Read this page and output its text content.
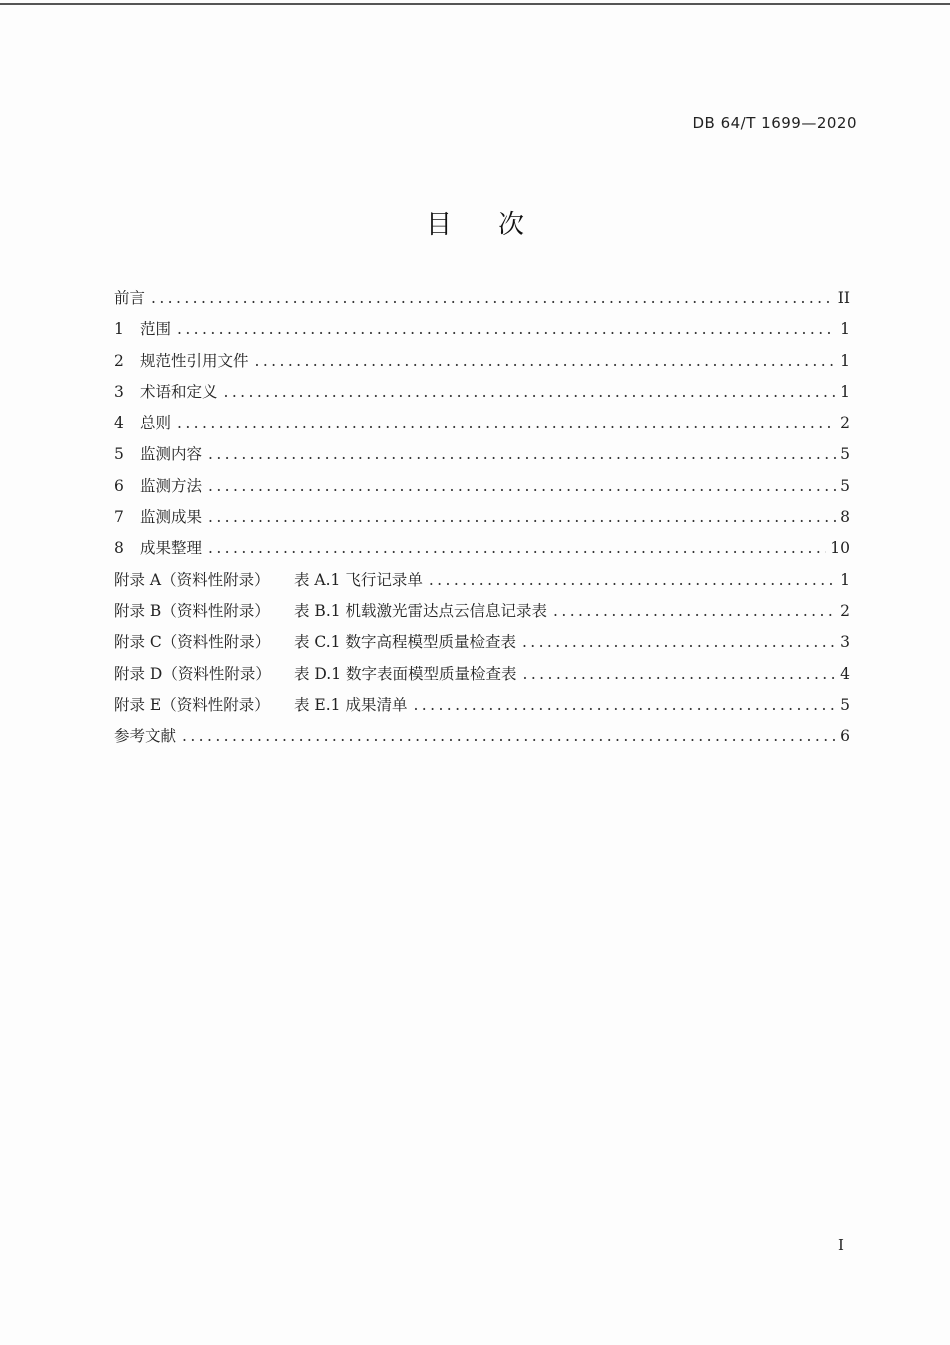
DB 64/T 1699—2020
目次
前言 .....	II
1 范围 .....	1
2 规范性引用文件 .....	1
3 术语和定义 .....	1
4 总则 .....	2
5 监测内容 .....	5
6 监测方法 .....	5
7 监测成果 .....	8
8 成果整理 .....	10
附录 A（资料性附录） 表 A.1 飞行记录单 .....	1
附录 B（资料性附录） 表 B.1 机载激光雷达点云信息记录表 .....	2
附录 C（资料性附录） 表 C.1 数字高程模型质量检查表 .....	3
附录 D（资料性附录） 表 D.1 数字表面模型质量检查表 .....	4
附录 E（资料性附录） 表 E.1 成果清单 .....	5
参考文献 .....	6
I
